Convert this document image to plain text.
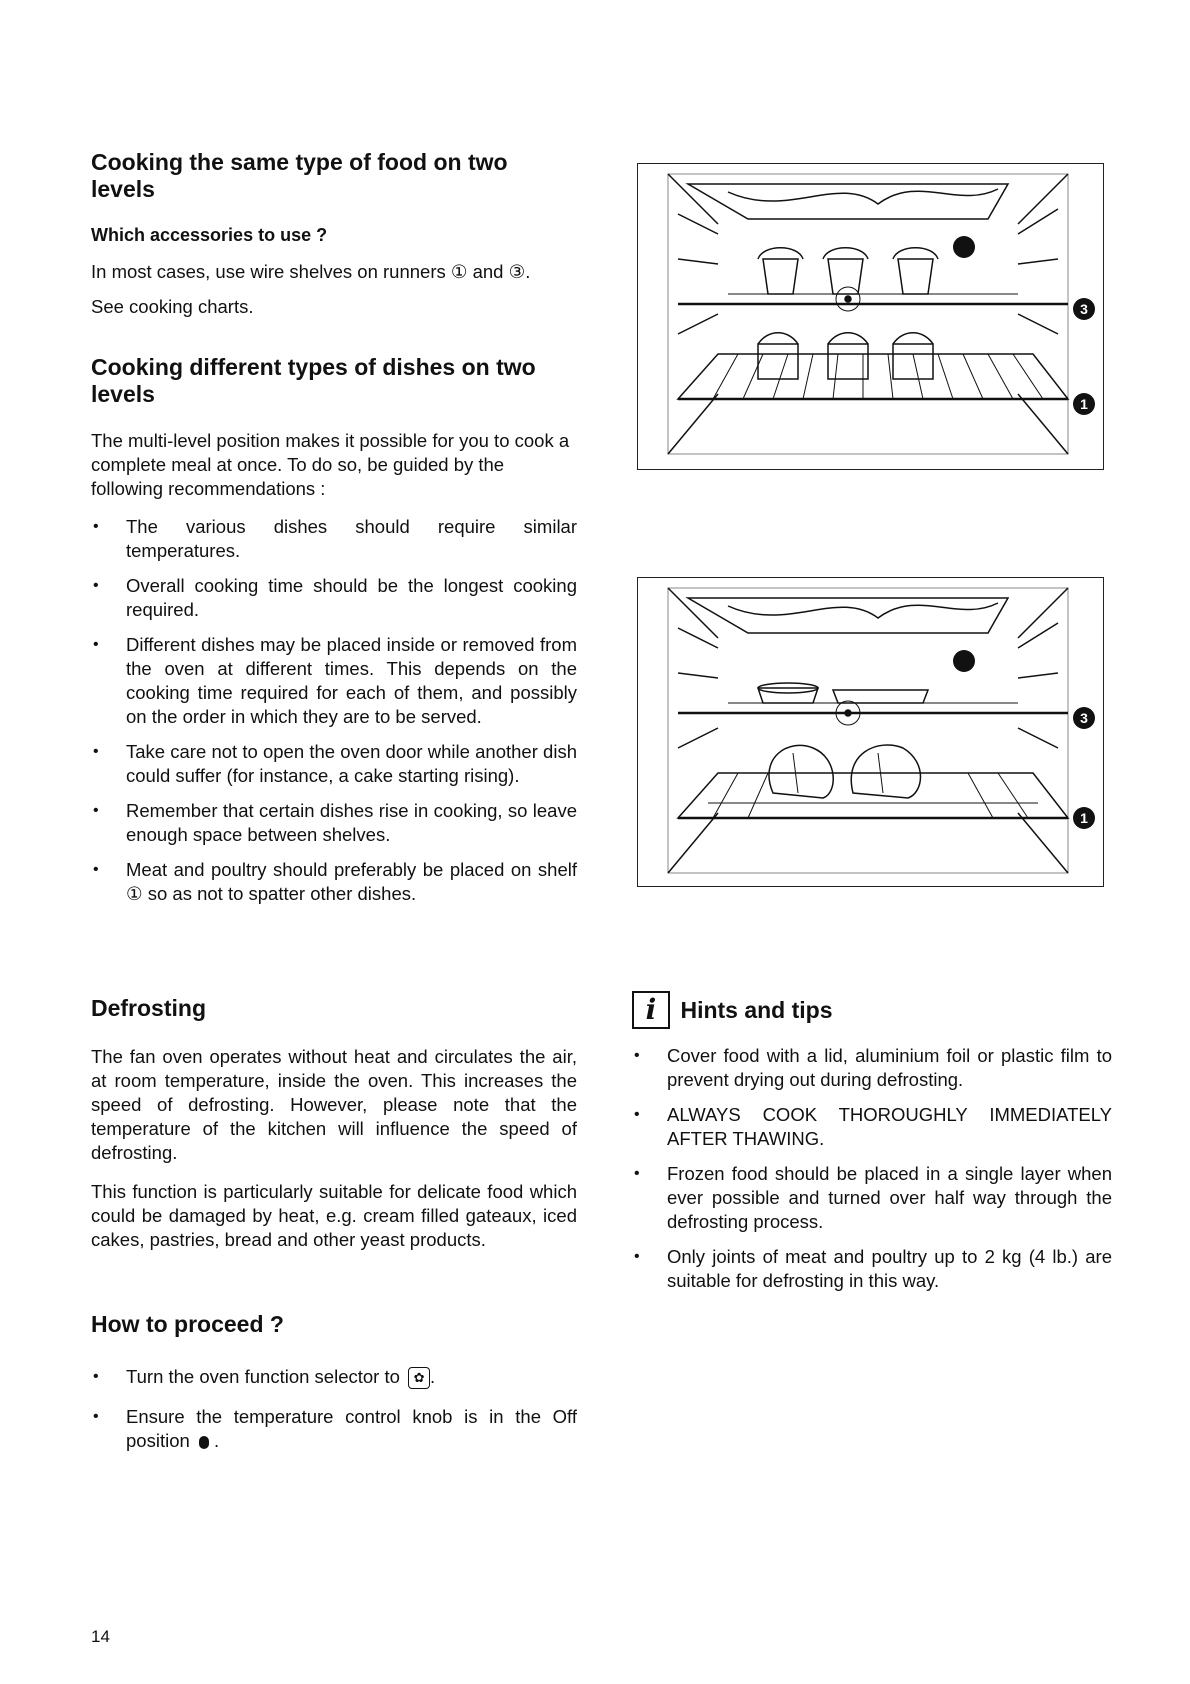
Cooking the same type of food on two levels
Which accessories to use ?

In most cases, use wire shelves on runners ① and ③.

See cooking charts.

Cooking different types of dishes on two levels

The multi-level position makes it possible for you to cook a complete meal at once. To do so, be guided by the following recommendations :

• The various dishes should require similar temperatures.
• Overall cooking time should be the longest cooking required.
• Different dishes may be placed inside or removed from the oven at different times. This depends on the cooking time required for each of them, and possibly on the order in which they are to be served.
• Take care not to open the oven door while another dish could suffer (for instance, a cake starting rising).
• Remember that certain dishes rise in cooking, so leave enough space between shelves.
• Meat and poultry should preferably be placed on shelf ① so as not to spatter other dishes.
Defrosting

The fan oven operates without heat and circulates the air, at room temperature, inside the oven. This increases the speed of defrosting. However, please note that the temperature of the kitchen will influence the speed of defrosting.

This function is particularly suitable for delicate food which could be damaged by heat, e.g. cream filled gateaux, iced cakes, pastries, bread and other yeast products.

How to proceed ?
• Turn the oven function selector to ✿ .
• Ensure the temperature control knob is in the Off position .
14
3
1
3
1
i Hints and tips
• Cover food with a lid, aluminium foil or plastic film to prevent drying out during defrosting.
• ALWAYS COOK THOROUGHLY IMMEDIATELY AFTER THAWING.
• Frozen food should be placed in a single layer when ever possible and turned over half way through the defrosting process.
• Only joints of meat and poultry up to 2 kg (4 lb.) are suitable for defrosting in this way.
